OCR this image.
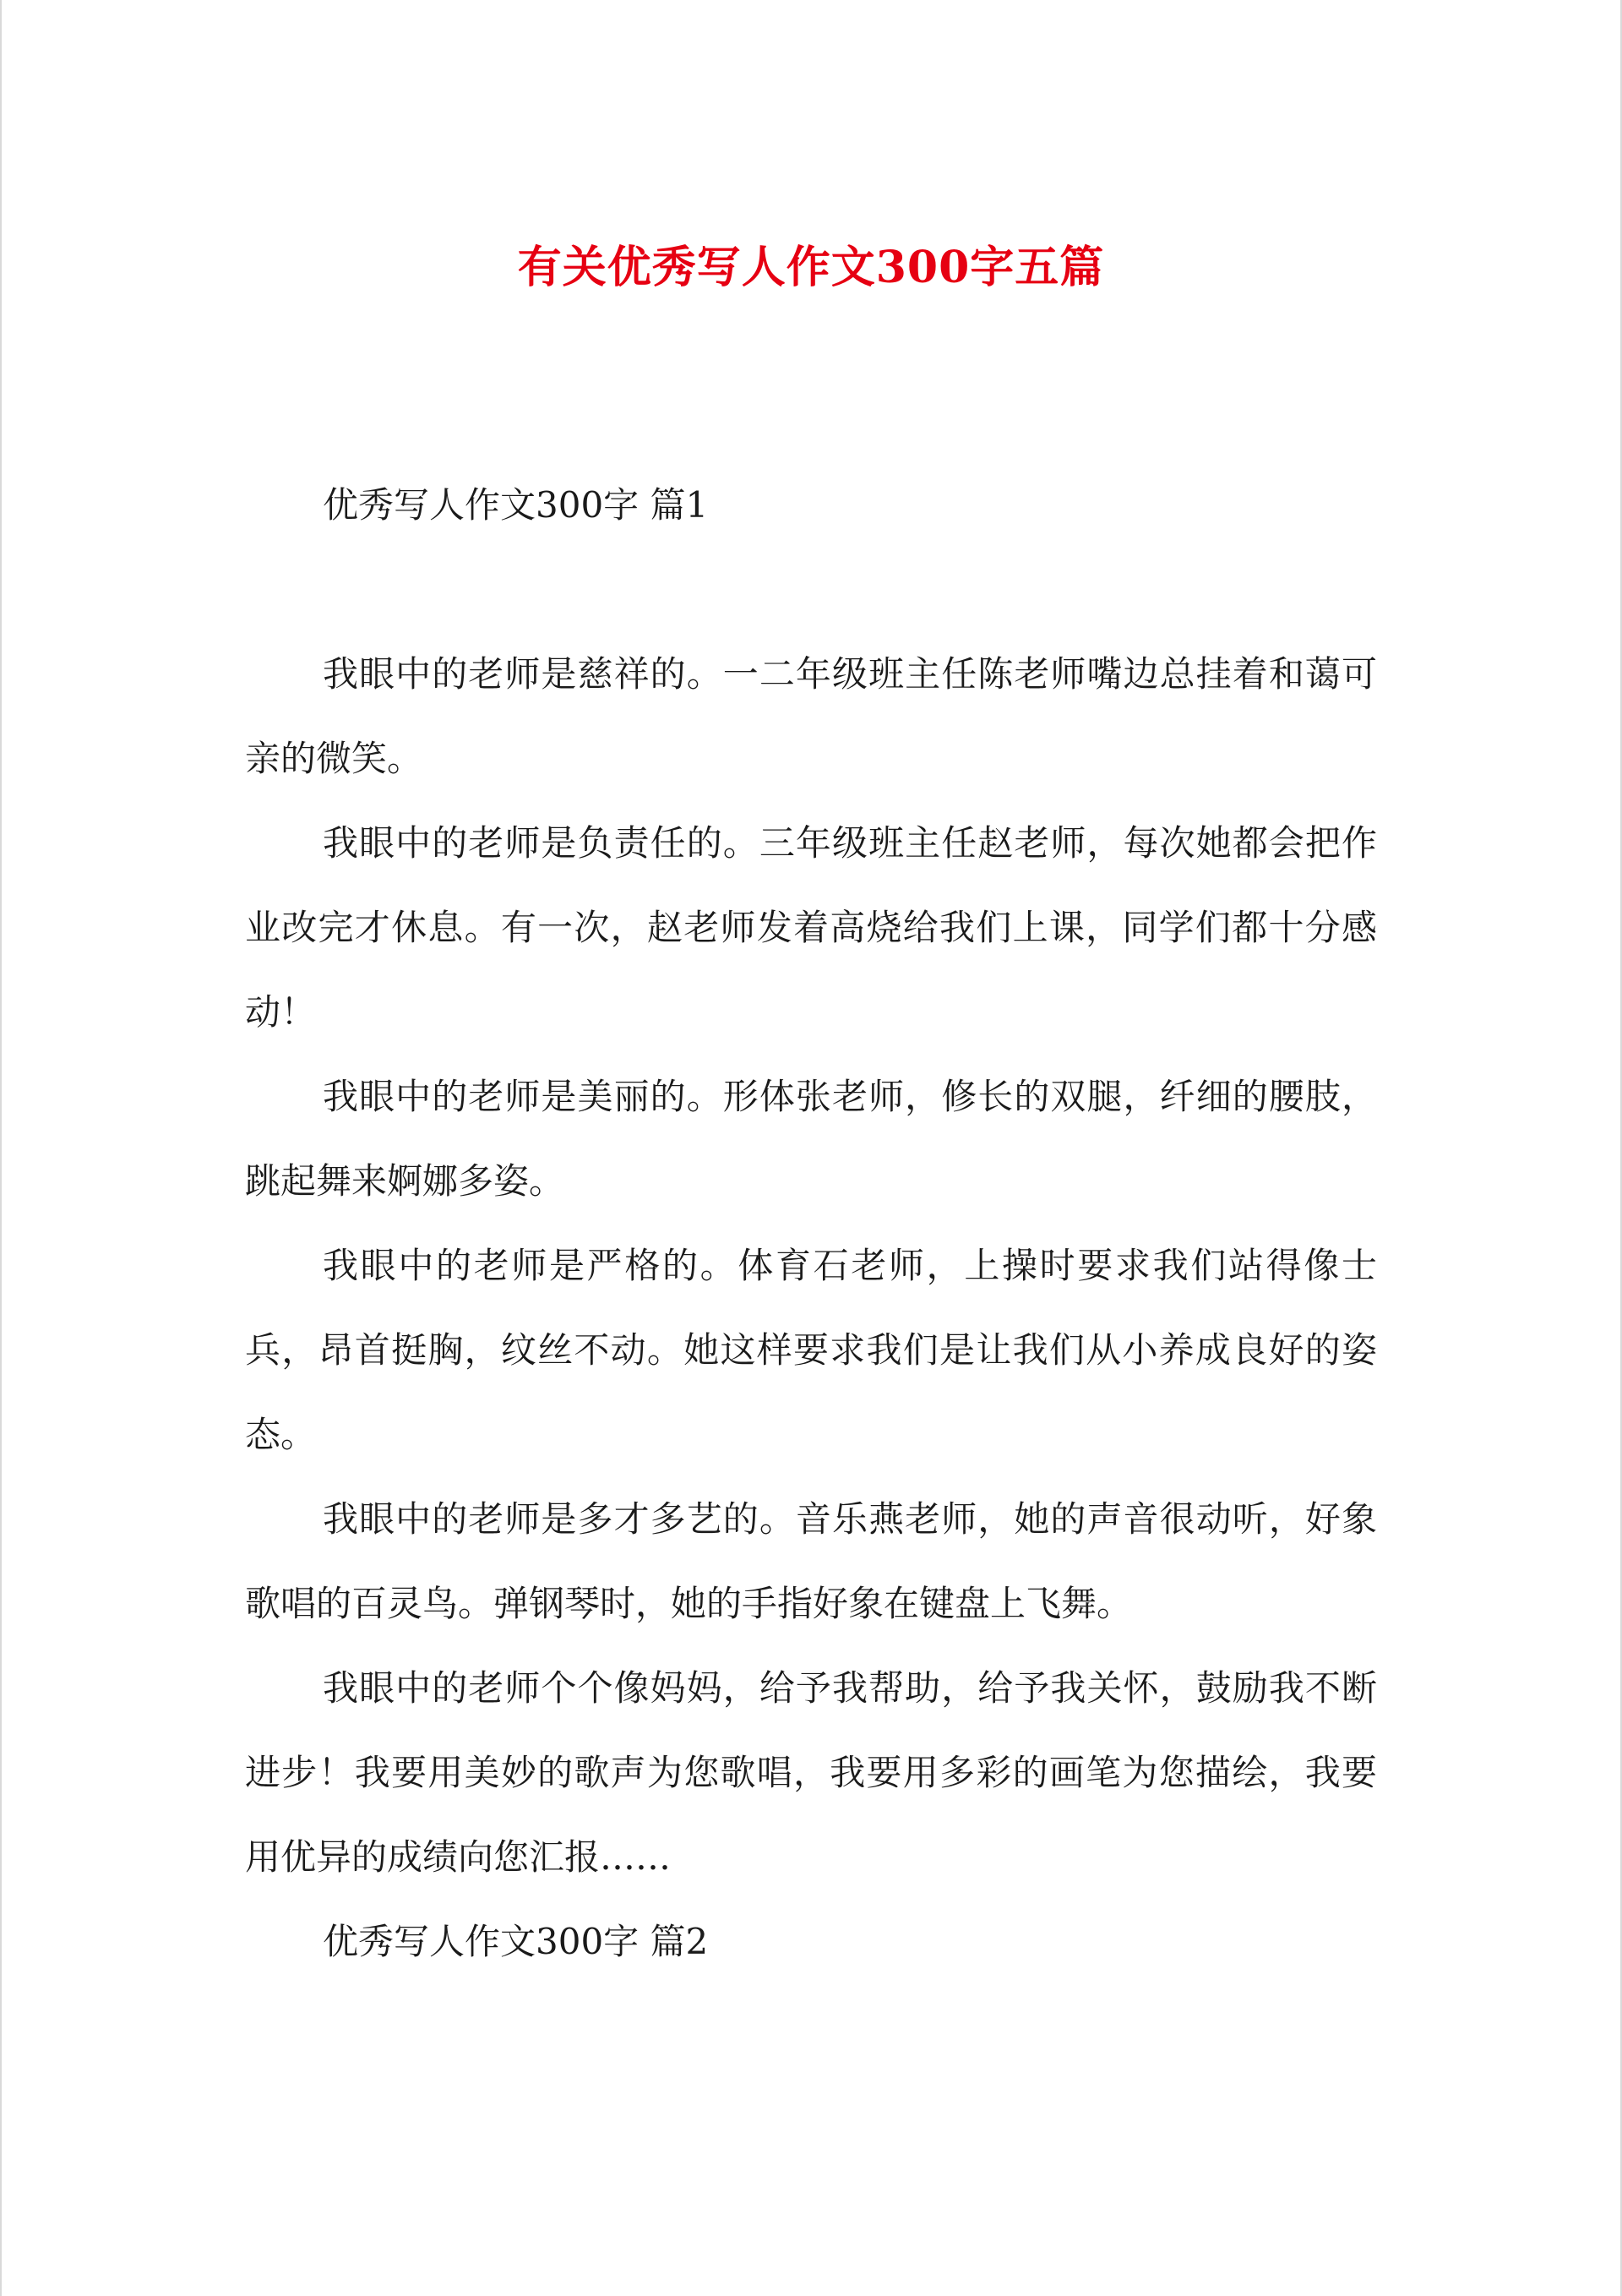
有关优秀写人作文300字五篇
优秀写人作文300字 篇1

我眼中的老师是慈祥的。一二年级班主任陈老师嘴边总挂着和蔼可亲的微笑。

我眼中的老师是负责任的。三年级班主任赵老师，每次她都会把作业改完才休息。有一次，赵老师发着高烧给我们上课，同学们都十分感动！

我眼中的老师是美丽的。形体张老师，修长的双腿，纤细的腰肢，跳起舞来婀娜多姿。

我眼中的老师是严格的。体育石老师，上操时要求我们站得像士兵，昂首挺胸，纹丝不动。她这样要求我们是让我们从小养成良好的姿态。

我眼中的老师是多才多艺的。音乐燕老师，她的声音很动听，好象歌唱的百灵鸟。弹钢琴时，她的手指好象在键盘上飞舞。

我眼中的老师个个像妈妈，给予我帮助，给予我关怀，鼓励我不断进步！我要用美妙的歌声为您歌唱，我要用多彩的画笔为您描绘，我要用优异的成绩向您汇报……

优秀写人作文300字 篇2
